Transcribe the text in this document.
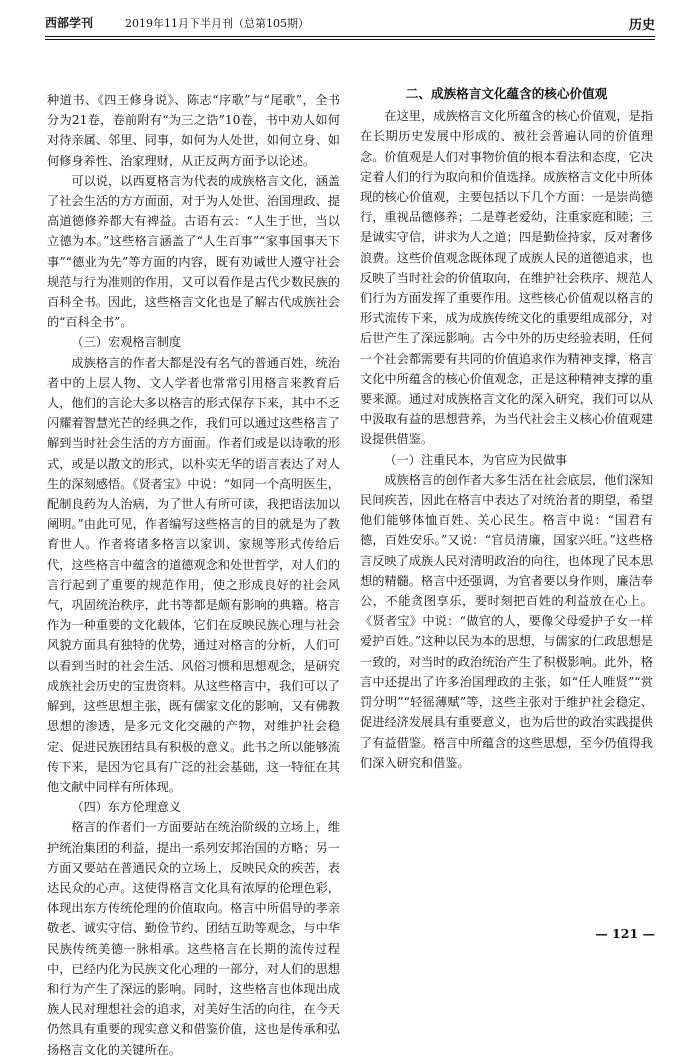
西部学刊	2019年11月下半月刊（总第105期）	历史

种道书、《四王修身说》、陈志“序歌”与“尾歌”，全书分为21卷，卷前附有“为三之诰”10卷，书中劝人如何对待亲属、邻里、同事，如何为人处世，如何立身、如何修身养性、治家理财，从正反两方面予以论述。

可以说，以西夏格言为代表的成族格言文化，涵盖了社会生活的方方面面，对于为人处世、治国理政、提高道德修养都大有裨益。古语有云：“人生于世，当以立德为本。”这些格言涵盖了“人生百事”“家事国事天下事”“德业为先”等方面的内容，既有劝诫世人遵守社会规范与行为准则的作用，又可以看作是古代少数民族的百科全书。因此，这些格言文化也是了解古代成族社会的“百科全书”。

（三）宏观格言制度

成族格言的作者大都是没有名气的普通百姓，统治者中的上层人物、文人学者也常常引用格言来教育后人，他们的言论大多以格言的形式保存下来，其中不乏闪耀着智慧光芒的经典之作，我们可以通过这些格言了解到当时社会生活的方方面面。作者们或是以诗歌的形式，或是以散文的形式，以朴实无华的语言表达了对人生的深刻感悟。《贤者宝》中说：“如同一个高明医生，配制良药为人治病，为了世人有所可读，我把语法加以阐明。”由此可见，作者编写这些格言的目的就是为了教育世人。作者将诸多格言以家训、家规等形式传给后代，这些格言中蕴含的道德观念和处世哲学，对人们的言行起到了重要的规范作用，使之形成良好的社会风气，巩固统治秩序，此书等都是颇有影响的典籍。格言作为一种重要的文化载体，它们在反映民族心理与社会风貌方面具有独特的优势，通过对格言的分析，人们可以看到当时的社会生活、风俗习惯和思想观念，是研究成族社会历史的宝贵资料。从这些格言中，我们可以了解到，这些思想主张，既有儒家文化的影响，又有佛教思想的渗透，是多元文化交融的产物，对维护社会稳定、促进民族团结具有积极的意义。此书之所以能够流传下来，是因为它具有广泛的社会基础，这一特征在其他文献中同样有所体现。

（四）东方伦理意义

格言的作者们一方面要站在统治阶级的立场上，维护统治集团的利益，提出一系列安邦治国的方略；另一方面又要站在普通民众的立场上，反映民众的疾苦，表达民众的心声。这使得格言文化具有浓厚的伦理色彩，体现出东方传统伦理的价值取向。格言中所倡导的孝亲敬老、诚实守信、勤俭节约、团结互助等观念，与中华民族传统美德一脉相承。这些格言在长期的流传过程中，已经内化为民族文化心理的一部分，对人们的思想和行为产生了深远的影响。同时，这些格言也体现出成族人民对理想社会的追求，对美好生活的向往，在今天仍然具有重要的现实意义和借鉴价值，这也是传承和弘扬格言文化的关键所在。

二、成族格言文化蕴含的核心价值观

在这里，成族格言文化所蕴含的核心价值观，是指在长期历史发展中形成的、被社会普遍认同的价值理念。价值观是人们对事物价值的根本看法和态度，它决定着人们的行为取向和价值选择。成族格言文化中所体现的核心价值观，主要包括以下几个方面：一是崇尚德行，重视品德修养；二是尊老爱幼，注重家庭和睦；三是诚实守信，讲求为人之道；四是勤俭持家，反对奢侈浪费。这些价值观念既体现了成族人民的道德追求，也反映了当时社会的价值取向，在维护社会秩序、规范人们行为方面发挥了重要作用。这些核心价值观以格言的形式流传下来，成为成族传统文化的重要组成部分，对后世产生了深远影响。古今中外的历史经验表明，任何一个社会都需要有共同的价值追求作为精神支撑，格言文化中所蕴含的核心价值观念，正是这种精神支撑的重要来源。通过对成族格言文化的深入研究，我们可以从中汲取有益的思想营养，为当代社会主义核心价值观建设提供借鉴。

（一）注重民本，为官应为民做事

成族格言的创作者大多生活在社会底层，他们深知民间疾苦，因此在格言中表达了对统治者的期望，希望他们能够体恤百姓、关心民生。格言中说：“国君有德，百姓安乐。”又说：“官员清廉，国家兴旺。”这些格言反映了成族人民对清明政治的向往，也体现了民本思想的精髓。格言中还强调，为官者要以身作则，廉洁奉公，不能贪图享乐，要时刻把百姓的利益放在心上。《贤者宝》中说：“做官的人，要像父母爱护子女一样爱护百姓。”这种以民为本的思想，与儒家的仁政思想是一致的，对当时的政治统治产生了积极影响。此外，格言中还提出了许多治国理政的主张，如“任人唯贤”“赏罚分明”“轻徭薄赋”等，这些主张对于维护社会稳定、促进经济发展具有重要意义，也为后世的政治实践提供了有益借鉴。格言中所蕴含的这些思想，至今仍值得我们深入研究和借鉴。

— 121 —
